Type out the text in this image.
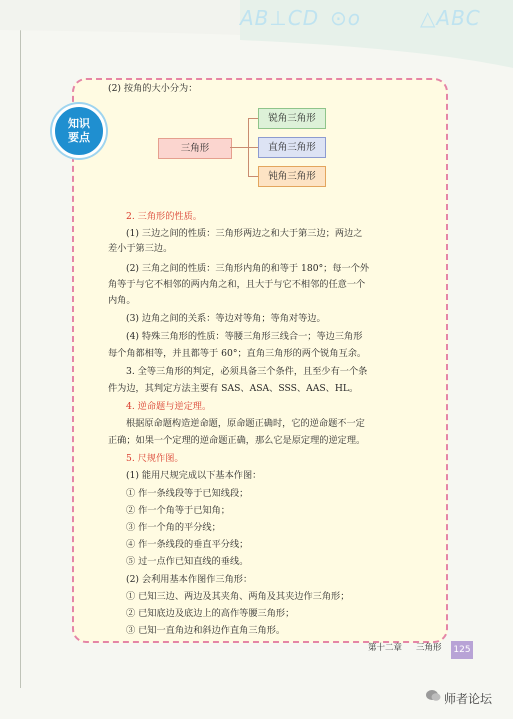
AB⊥CD ⊙o	△ABC
知识
要点
(2) 按角的大小分为：
三角形
锐角三角形
直角三角形
钝角三角形
2. 三角形的性质。
(1) 三边之间的性质：三角形两边之和大于第三边；两边之
差小于第三边。
(2) 三角之间的性质：三角形内角的和等于 180°；每一个外
角等于与它不相邻的两内角之和，且大于与它不相邻的任意一个
内角。
(3) 边角之间的关系：等边对等角；等角对等边。
(4) 特殊三角形的性质：等腰三角形三线合一；等边三角形
每个角都相等，并且都等于 60°；直角三角形的两个锐角互余。
3. 全等三角形的判定，必须具备三个条件，且至少有一个条
件为边，其判定方法主要有 SAS、ASA、SSS、AAS、HL。
4. 逆命题与逆定理。
根据原命题构造逆命题，原命题正确时，它的逆命题不一定
正确；如果一个定理的逆命题正确，那么它是原定理的逆定理。
5. 尺规作图。
(1) 能用尺规完成以下基本作图：
① 作一条线段等于已知线段；
② 作一个角等于已知角；
③ 作一个角的平分线；
④ 作一条线段的垂直平分线；
⑤ 过一点作已知直线的垂线。
(2) 会利用基本作图作三角形：
① 已知三边、两边及其夹角、两角及其夹边作三角形；
② 已知底边及底边上的高作等腰三角形；
③ 已知一直角边和斜边作直角三角形。
第十二章 三角形 125
师者论坛
